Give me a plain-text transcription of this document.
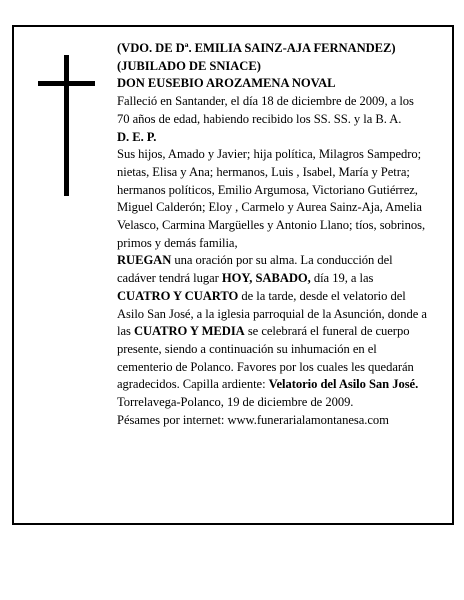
(VDO. DE Dª. EMILIA SAINZ-AJA FERNANDEZ)

(JUBILADO DE SNIACE)

DON EUSEBIO AROZAMENA NOVAL

Falleció en Santander, el día 18 de diciembre de 2009, a los 70 años de edad, habiendo recibido los SS. SS. y la B. A.

D. E. P.

Sus hijos, Amado y Javier; hija política, Milagros Sampedro; nietas, Elisa y Ana; hermanos, Luis , Isabel, María y Petra; hermanos políticos, Emilio Argumosa, Victoriano Gutiérrez, Miguel Calderón; Eloy , Carmelo y Aurea Sainz-Aja, Amelia Velasco, Carmina Margüelles y Antonio Llano; tíos, sobrinos, primos y demás familia,

RUEGAN una oración por su alma. La conducción del cadáver tendrá lugar HOY, SABADO, día 19, a las CUATRO Y CUARTO de la tarde, desde el velatorio del Asilo San José, a la iglesia parroquial de la Asunción, donde a las CUATRO Y MEDIA se celebrará el funeral de cuerpo presente, siendo a continuación su inhumación en el cementerio de Polanco. Favores por los cuales les quedarán agradecidos. Capilla ardiente: Velatorio del Asilo San José.

Torrelavega-Polanco, 19 de diciembre de 2009.

Pésames por internet: www.funerarialamontanesa.com
